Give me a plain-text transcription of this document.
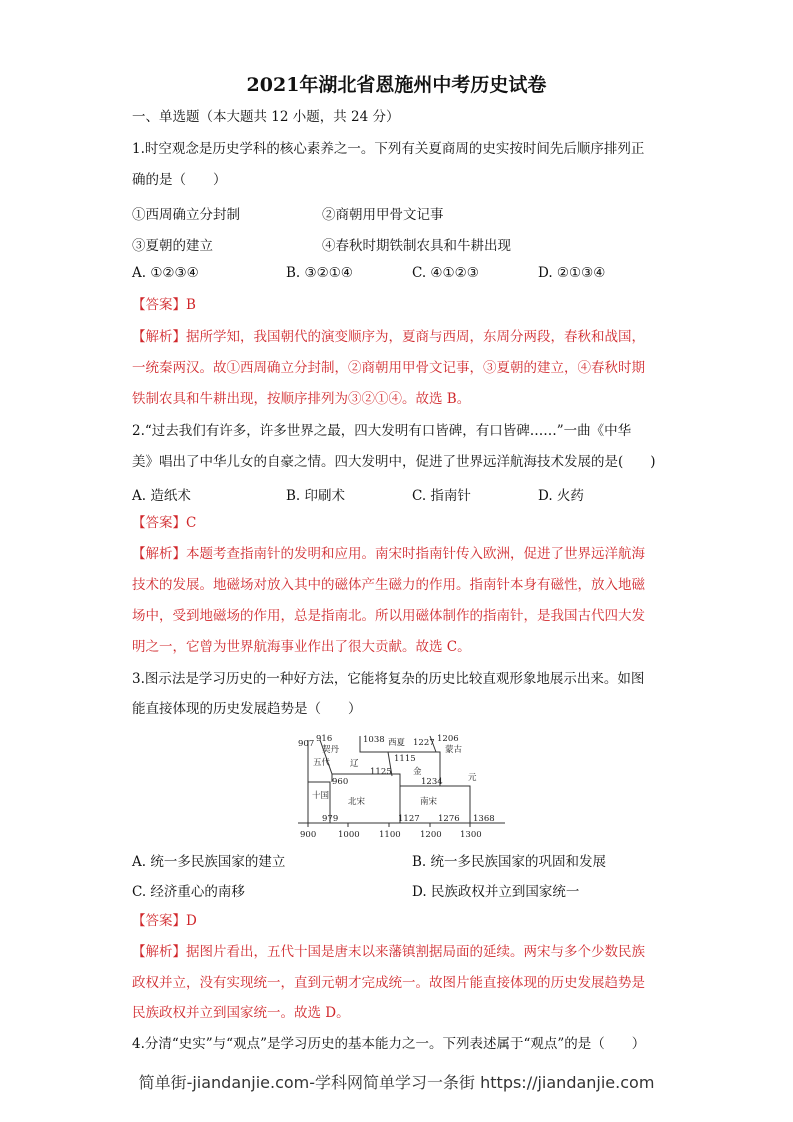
2021年湖北省恩施州中考历史试卷
一、单选题（本大题共 12 小题，共 24 分）
1.时空观念是历史学科的核心素养之一。下列有关夏商周的史实按时间先后顺序排列正
确的是（　　）
①西周确立分封制	②商朝用甲骨文记事
③夏朝的建立	④春秋时期铁制农具和牛耕出现
A. ①②③④	B. ③②①④	C. ④①②③	D. ②①③④
【答案】B
【解析】据所学知，我国朝代的演变顺序为，夏商与西周，东周分两段，春秋和战国，
一统秦两汉。故①西周确立分封制，②商朝用甲骨文记事，③夏朝的建立，④春秋时期
铁制农具和牛耕出现，按顺序排列为③②①④。故选 B。
2.“过去我们有许多，许多世界之最，四大发明有口皆碑，有口皆碑……”一曲《中华
美》唱出了中华儿女的自豪之情。四大发明中，促进了世界远洋航海技术发展的是(　　)
A. 造纸术	B. 印刷术	C. 指南针	D. 火药
【答案】C
【解析】本题考查指南针的发明和应用。南宋时指南针传入欧洲，促进了世界远洋航海
技术的发展。地磁场对放入其中的磁体产生磁力的作用。指南针本身有磁性，放入地磁
场中，受到地磁场的作用，总是指南北。所以用磁体制作的指南针，是我国古代四大发
明之一，它曾为世界航海事业作出了很大贡献。故选 C。
3.图示法是学习历史的一种好方法，它能将复杂的历史比较直观形象地展示出来。如图
能直接体现的历史发展趋势是（　　）
907 916
契丹
五代 辽
1125
960
十国
979
北宋
1038 西夏 1227 1206
蒙古
1115
金
1234	元
南宋
1127 1276 1368
900	1000 1100 1200 1300
A. 统一多民族国家的建立	B. 统一多民族国家的巩固和发展
C. 经济重心的南移	D. 民族政权并立到国家统一
【答案】D
【解析】据图片看出，五代十国是唐末以来藩镇割据局面的延续。两宋与多个少数民族
政权并立，没有实现统一，直到元朝才完成统一。故图片能直接体现的历史发展趋势是
民族政权并立到国家统一。故选 D。
4.分清“史实”与“观点”是学习历史的基本能力之一。下列表述属于“观点”的是（　　）
简单街-jiandanjie.com-学科网简单学习一条街 https://jiandanjie.com
